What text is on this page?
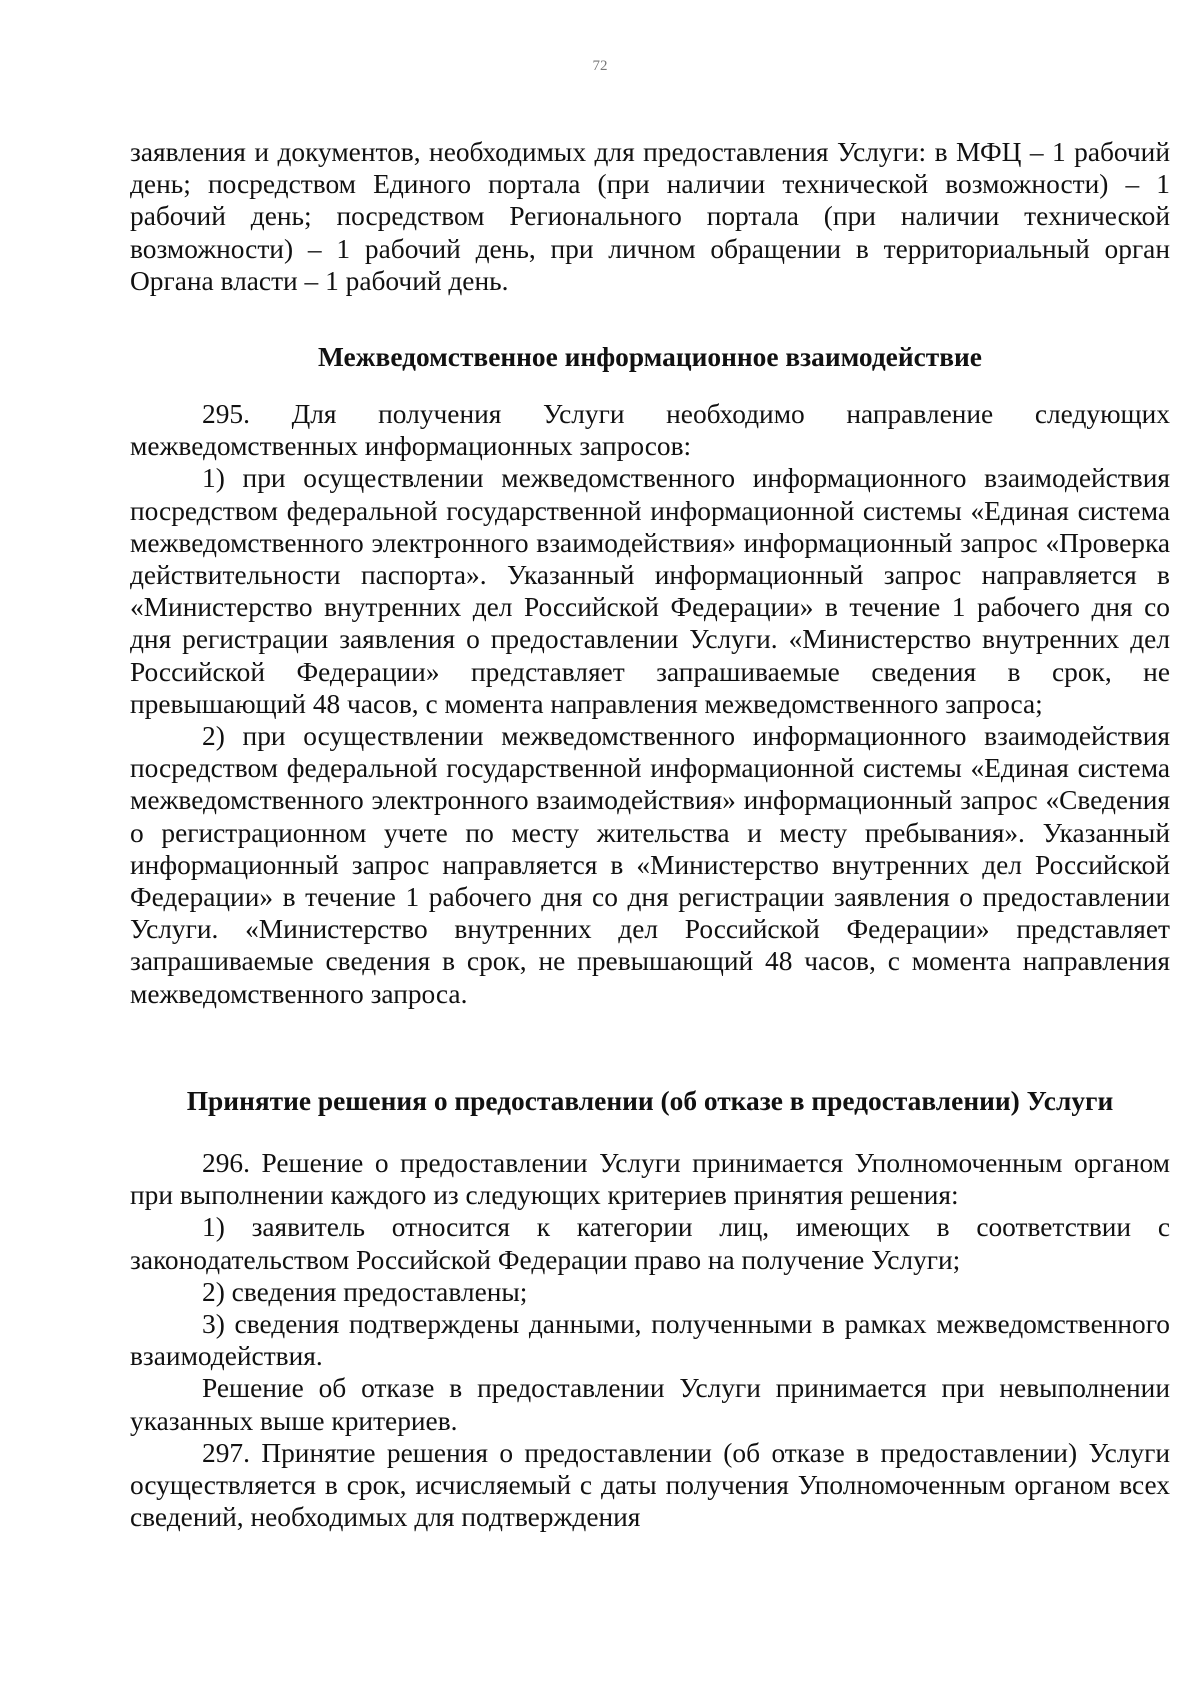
72

заявления и документов, необходимых для предоставления Услуги: в МФЦ – 1 рабочий день; посредством Единого портала (при наличии технической возможности) – 1 рабочий день; посредством Регионального портала (при наличии технической возможности) – 1 рабочий день, при личном обращении в территориальный орган Органа власти – 1 рабочий день.

Межведомственное информационное взаимодействие

295. Для получения Услуги необходимо направление следующих межведомственных информационных запросов:

1) при осуществлении межведомственного информационного взаимодействия посредством федеральной государственной информационной системы «Единая система межведомственного электронного взаимодействия» информационный запрос «Проверка действительности паспорта». Указанный информационный запрос направляется в «Министерство внутренних дел Российской Федерации» в течение 1 рабочего дня со дня регистрации заявления о предоставлении Услуги. «Министерство внутренних дел Российской Федерации» представляет запрашиваемые сведения в срок, не превышающий 48 часов, с момента направления межведомственного запроса;

2) при осуществлении межведомственного информационного взаимодействия посредством федеральной государственной информационной системы «Единая система межведомственного электронного взаимодействия» информационный запрос «Сведения о регистрационном учете по месту жительства и месту пребывания». Указанный информационный запрос направляется в «Министерство внутренних дел Российской Федерации» в течение 1 рабочего дня со дня регистрации заявления о предоставлении Услуги. «Министерство внутренних дел Российской Федерации» представляет запрашиваемые сведения в срок, не превышающий 48 часов, с момента направления межведомственного запроса.

Принятие решения о предоставлении (об отказе в предоставлении) Услуги

296. Решение о предоставлении Услуги принимается Уполномоченным органом при выполнении каждого из следующих критериев принятия решения:

1) заявитель относится к категории лиц, имеющих в соответствии с законодательством Российской Федерации право на получение Услуги;

2) сведения предоставлены;

3) сведения подтверждены данными, полученными в рамках межведомственного взаимодействия.

Решение об отказе в предоставлении Услуги принимается при невыполнении указанных выше критериев.

297. Принятие решения о предоставлении (об отказе в предоставлении) Услуги осуществляется в срок, исчисляемый с даты получения Уполномоченным органом всех сведений, необходимых для подтверждения
